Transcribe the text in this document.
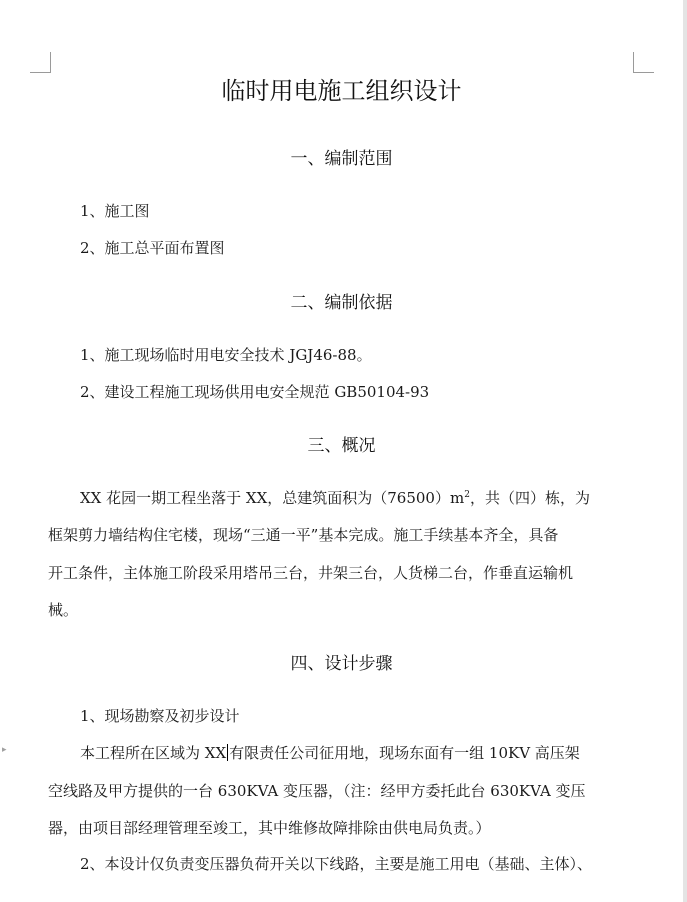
▸
临时用电施工组织设计
一、编制范围
1、施工图
2、施工总平面布置图
二、编制依据
1、施工现场临时用电安全技术 JGJ46-88。
2、建设工程施工现场供用电安全规范 GB50104-93
三、概况
XX 花园一期工程坐落于 XX，总建筑面积为$(76500)m^2$，共（四）栋，为
框架剪力墙结构住宅楼，现场“三通一平”基本完成。施工手续基本齐全，具备
开工条件，主体施工阶段采用塔吊三台，井架三台，人货梯二台，作垂直运输机
械。
四、设计步骤
1、现场勘察及初步设计
本工程所在区域为 XX 有限责任公司征用地，现场东面有一组 10KV 高压架
空线路及甲方提供的一台 630KVA 变压器，（注：经甲方委托此台 630KVA 变压
器，由项目部经理管理至竣工，其中维修故障排除由供电局负责。）
2、本设计仅负责变压器负荷开关以下线路，主要是施工用电（基础、主体）、
